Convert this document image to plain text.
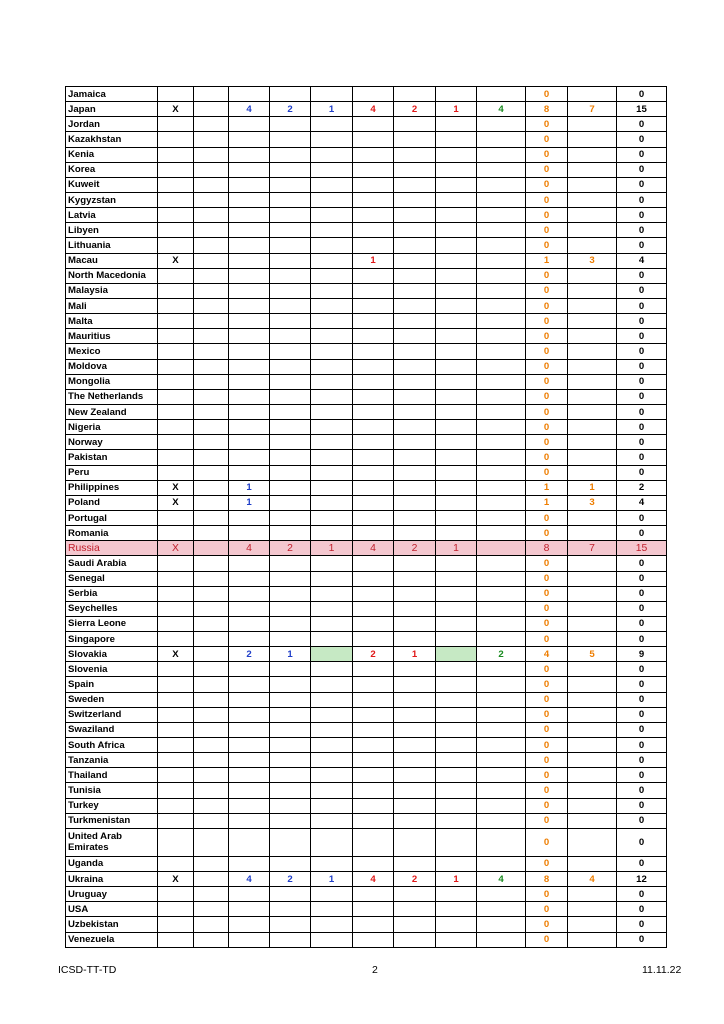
Jamaica										0		0
Japan	X		4	2	1	4	2	1	4	8	7	15
Jordan										0		0
Kazakhstan										0		0
Kenia										0		0
Korea										0		0
Kuweit										0		0
Kygyzstan										0		0
Latvia										0		0
Libyen										0		0
Lithuania										0		0
Macau	X					1				1	3	4
North Macedonia										0		0
Malaysia										0		0
Mali										0		0
Malta										0		0
Mauritius										0		0
Mexico										0		0
Moldova										0		0
Mongolia										0		0
The Netherlands										0		0
New Zealand										0		0
Nigeria										0		0
Norway										0		0
Pakistan										0		0
Peru										0		0
Philippines	X		1							1	1	2
Poland	X		1							1	3	4
Portugal										0		0
Romania										0		0
Russia	X		4	2	1	4	2	1		8	7	15
Saudi Arabia										0		0
Senegal										0		0
Serbia										0		0
Seychelles										0		0
Sierra Leone										0		0
Singapore										0		0
Slovakia	X		2	1		2	1		2	4	5	9
Slovenia										0		0
Spain										0		0
Sweden										0		0
Switzerland										0		0
Swaziland										0		0
South Africa										0		0
Tanzania										0		0
Thailand										0		0
Tunisia										0		0
Turkey										0		0
Turkmenistan										0		0
United Arab Emirates										0		0
Uganda										0		0
Ukraina	X		4	2	1	4	2	1	4	8	4	12
Uruguay										0		0
USA										0		0
Uzbekistan										0		0
Venezuela										0		0
ICSD-TT-TD	2	11.11.22
